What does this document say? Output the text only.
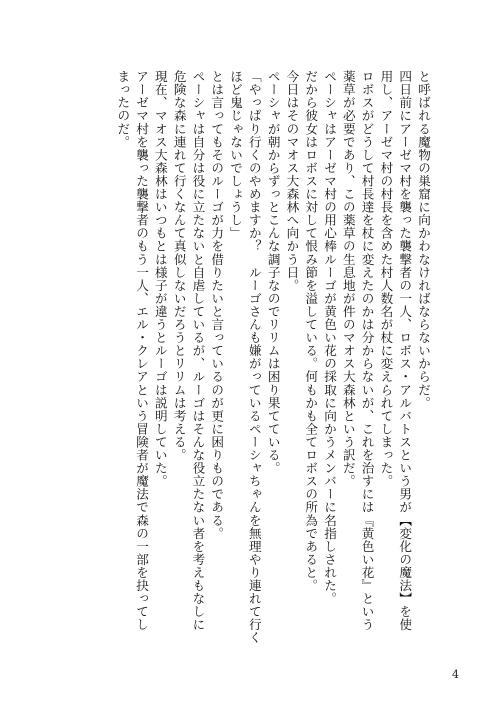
と呼ばれる魔物の巣窟に向かわなければならないからだ。
四日前にアーゼマ村を襲った襲撃者の一人、ロボス・アルバトスという男が【変化の魔法】を使
用し、アーゼマ村の村長を含めた村人数名が杖に変えられてしまった。
ロボスがどうして村長達を杖に変えたのかは分からないが、これを治すには『黄色い花』という
薬草が必要であり、この薬草の生息地が件のマオス大森林という訳だ。
ペーシャはアーゼマ村の用心棒ルーゴが黄色い花の採取に向かうメンバーに名指しされた。
だから彼女はロボスに対して恨み節を溢している。何もかも全てロボスの所為であると。
今日はそのマオス大森林へ向かう日。
ペーシャが朝からずっとこんな調子なのでリリムは困り果てている。
「やっぱり行くのやめますか？　ルーゴさんも嫌がっているペーシャちゃんを無理やり連れて行く
ほど鬼じゃないでしょうし」
とは言ってもそのルーゴが力を借りたいと言っているのが更に困りものである。
ペーシャは自分は役に立たないと自虐しているが、ルーゴはそんな役立たない者を考えもなしに
危険な森に連れて行くなんて真似しないだろうとリリムは考える。
現在、マオス大森林はいつもとは様子が違うとルーゴは説明していた。
アーゼマ村を襲った襲撃者のもう一人、エル・クレアという冒険者が魔法で森の一部を抉ってし
まったのだ。
4
